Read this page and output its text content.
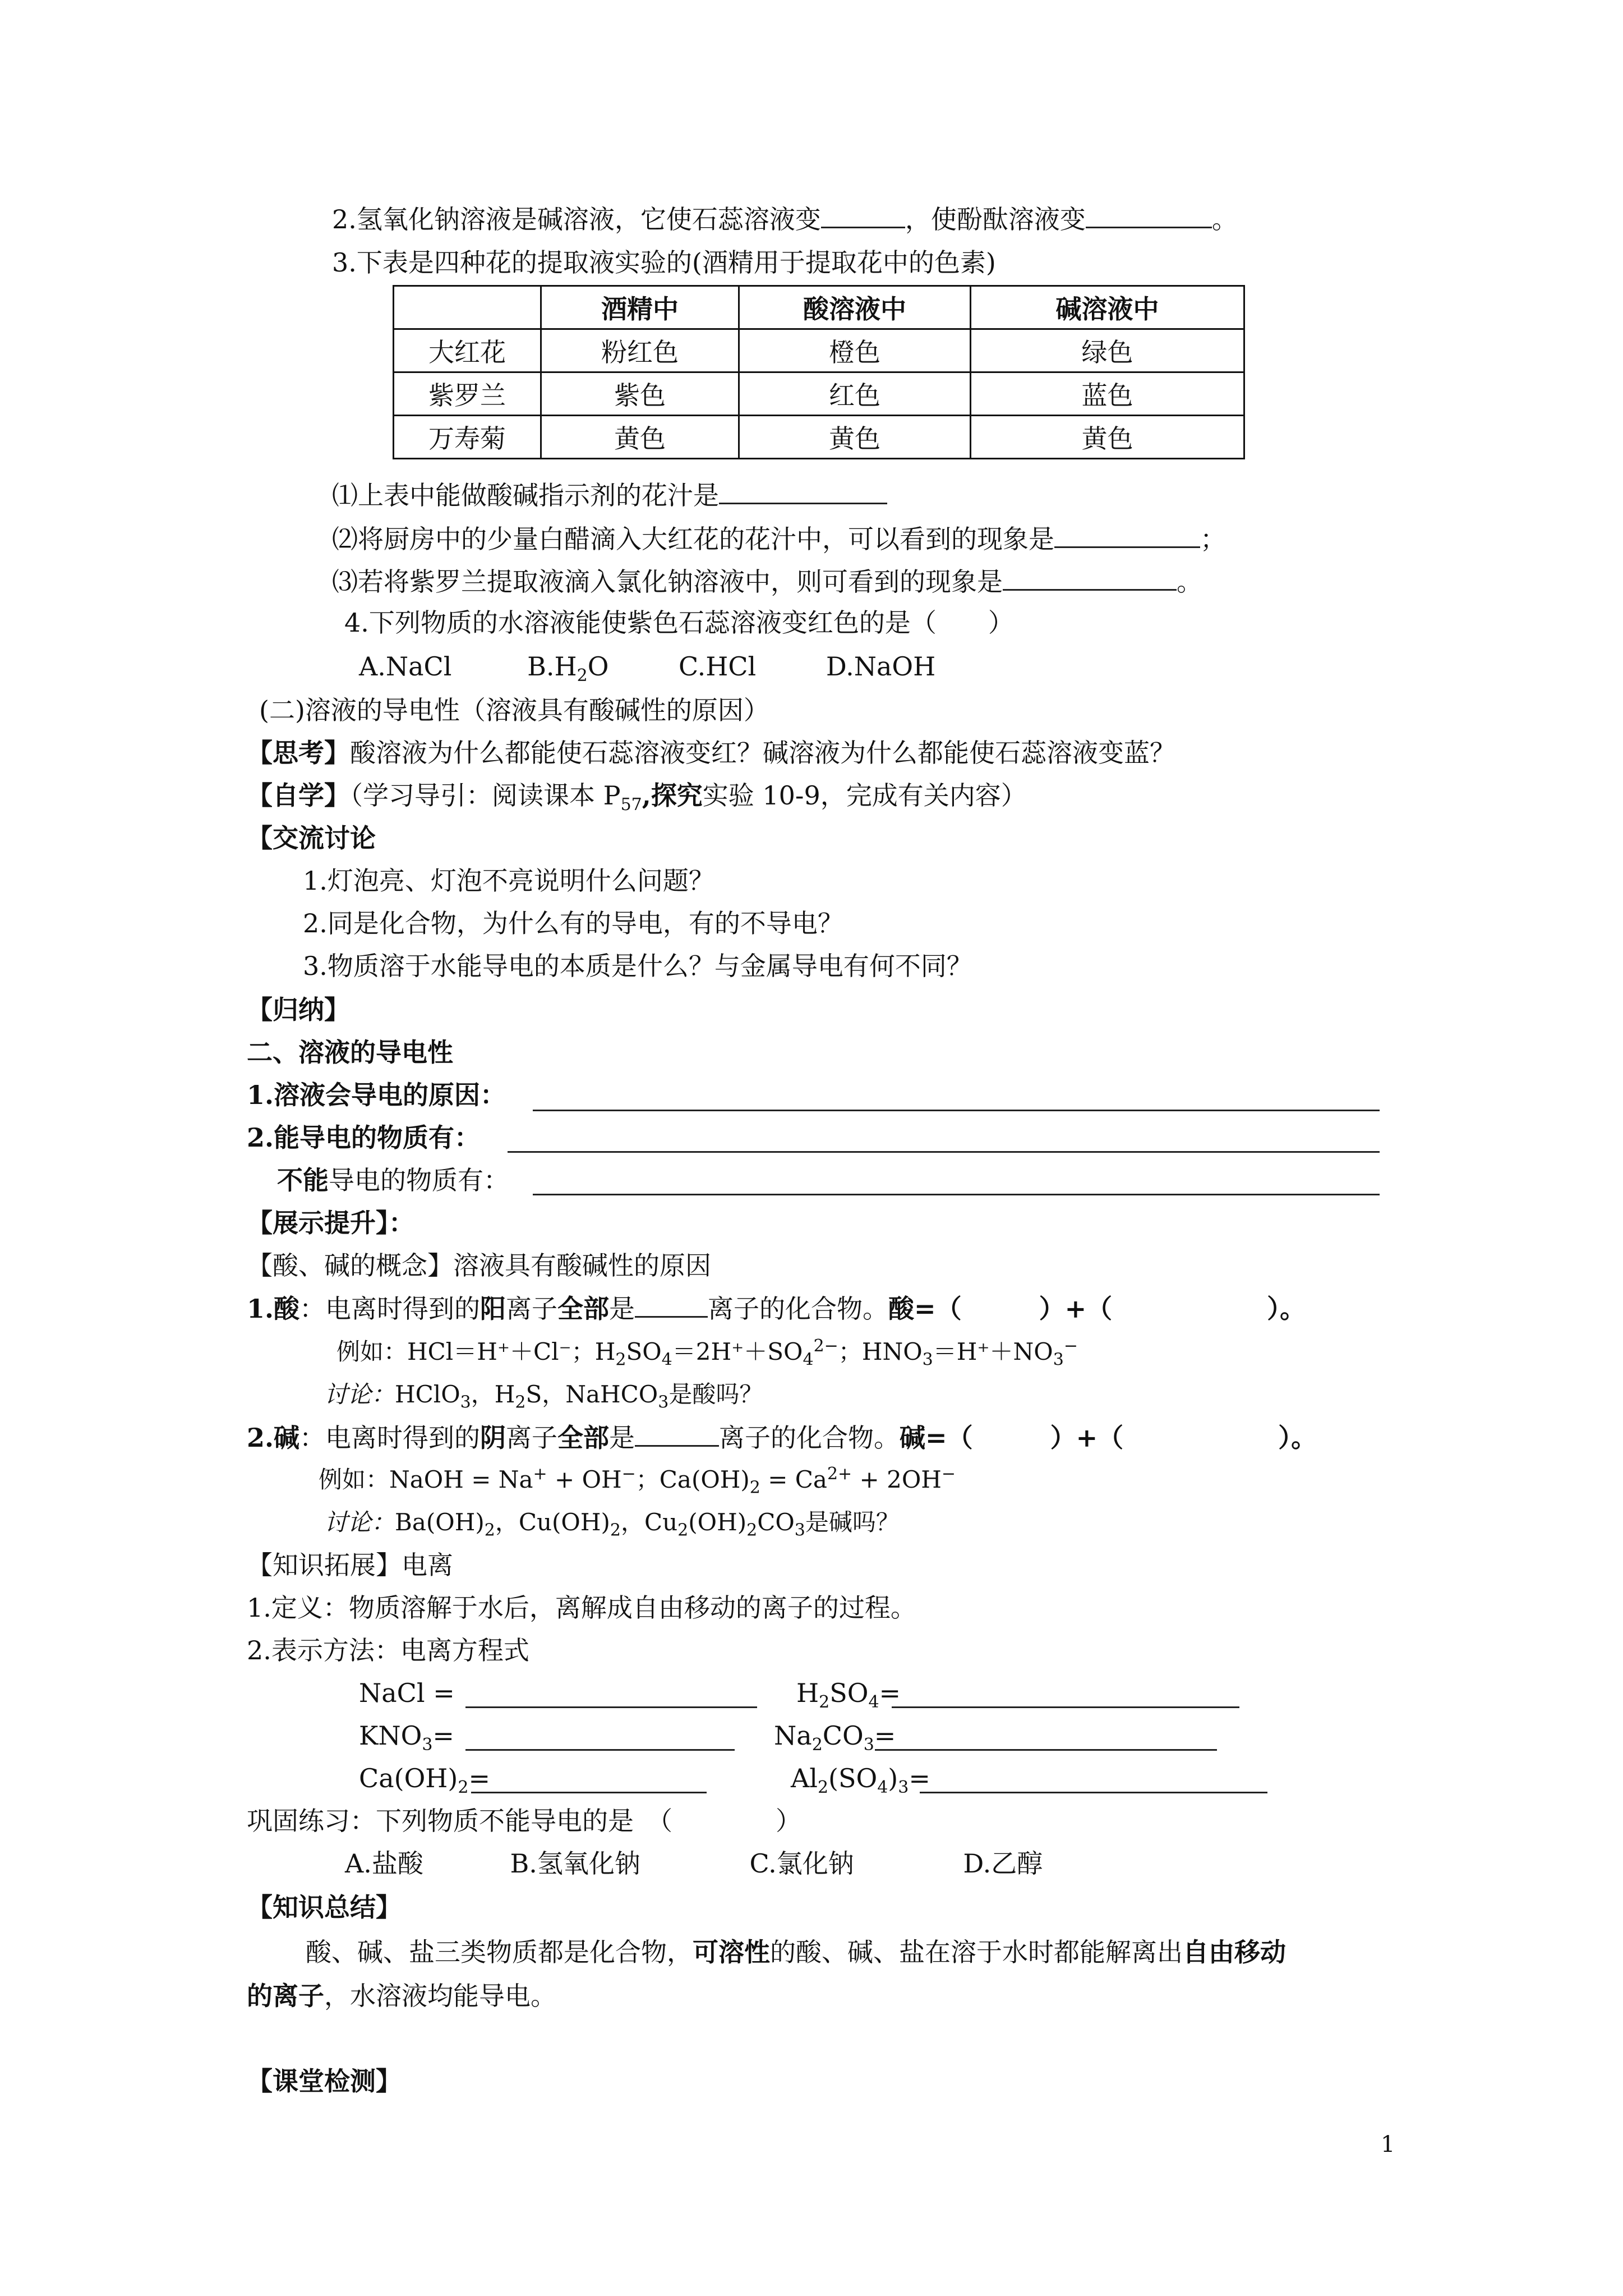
2.氢氧化钠溶液是碱溶液，它使石蕊溶液变	，使酚酞溶液变	。
3.下表是四种花的提取液实验的(酒精用于提取花中的色素)
	酒精中	酸溶液中	碱溶液中
大红花	粉红色	橙色	绿色
紫罗兰	紫色	红色	蓝色
万寿菊	黄色	黄色	黄色
⑴上表中能做酸碱指示剂的花汁是
⑵将厨房中的少量白醋滴入大红花的花汁中，可以看到的现象是	；
⑶若将紫罗兰提取液滴入氯化钠溶液中，则可看到的现象是	。
4.下列物质的水溶液能使紫色石蕊溶液变红色的是（　　）
A.NaCl	$B.H_2O$	C.HCl	D.NaOH
(二)溶液的导电性（溶液具有酸碱性的原因）
【思考】酸溶液为什么都能使石蕊溶液变红？碱溶液为什么都能使石蕊溶液变蓝？
【自学】（学习导引：阅读课本 $P_{57}$,探究实验 10-9，完成有关内容）
【交流讨论
1.灯泡亮、灯泡不亮说明什么问题？
2.同是化合物，为什么有的导电，有的不导电？
3.物质溶于水能导电的本质是什么？与金属导电有何不同？
【归纳】
二、溶液的导电性
1.溶液会导电的原因：
2.能导电的物质有：
不能导电的物质有：
【展示提升】：
【酸、碱的概念】溶液具有酸碱性的原因
1.酸：电离时得到的阳离子全部是	离子的化合物。酸=（　　　）+（　　　　　　）。
例如：HCl＝H⁺＋Cl⁻；$H_2SO_4=2H^++SO_4^{2-}$；$HNO_3=H^++NO_3^-$
讨论：HClO$_3$，$H_2S$，NaHCO$_3$是酸吗？
2.碱：电离时得到的阴离子全部是	离子的化合物。碱=（　　　）+（　　　　　　）。
例如：NaOH = Na+ + OH−；$Ca(OH)_2 = Ca^{2+} + 2OH^-$
讨论：$Ba(OH)_2$，$Cu(OH)_2$，$Cu_2(OH)_2CO_3$是碱吗？
【知识拓展】电离
1.定义：物质溶解于水后，离解成自由移动的离子的过程。
2.表示方法：电离方程式
NaCl =	$H_2SO_4=$
$KNO_3=$	$Na_2CO_3=$
$Ca(OH)_2=$	$Al_2(SO_4)_3=$
巩固练习：下列物质不能导电的是　（　　　　）
A.盐酸	B.氢氧化钠	C.氯化钠	D.乙醇
【知识总结】
酸、碱、盐三类物质都是化合物，可溶性的酸、碱、盐在溶于水时都能解离出自由移动
的离子，水溶液均能导电。
【课堂检测】
1
